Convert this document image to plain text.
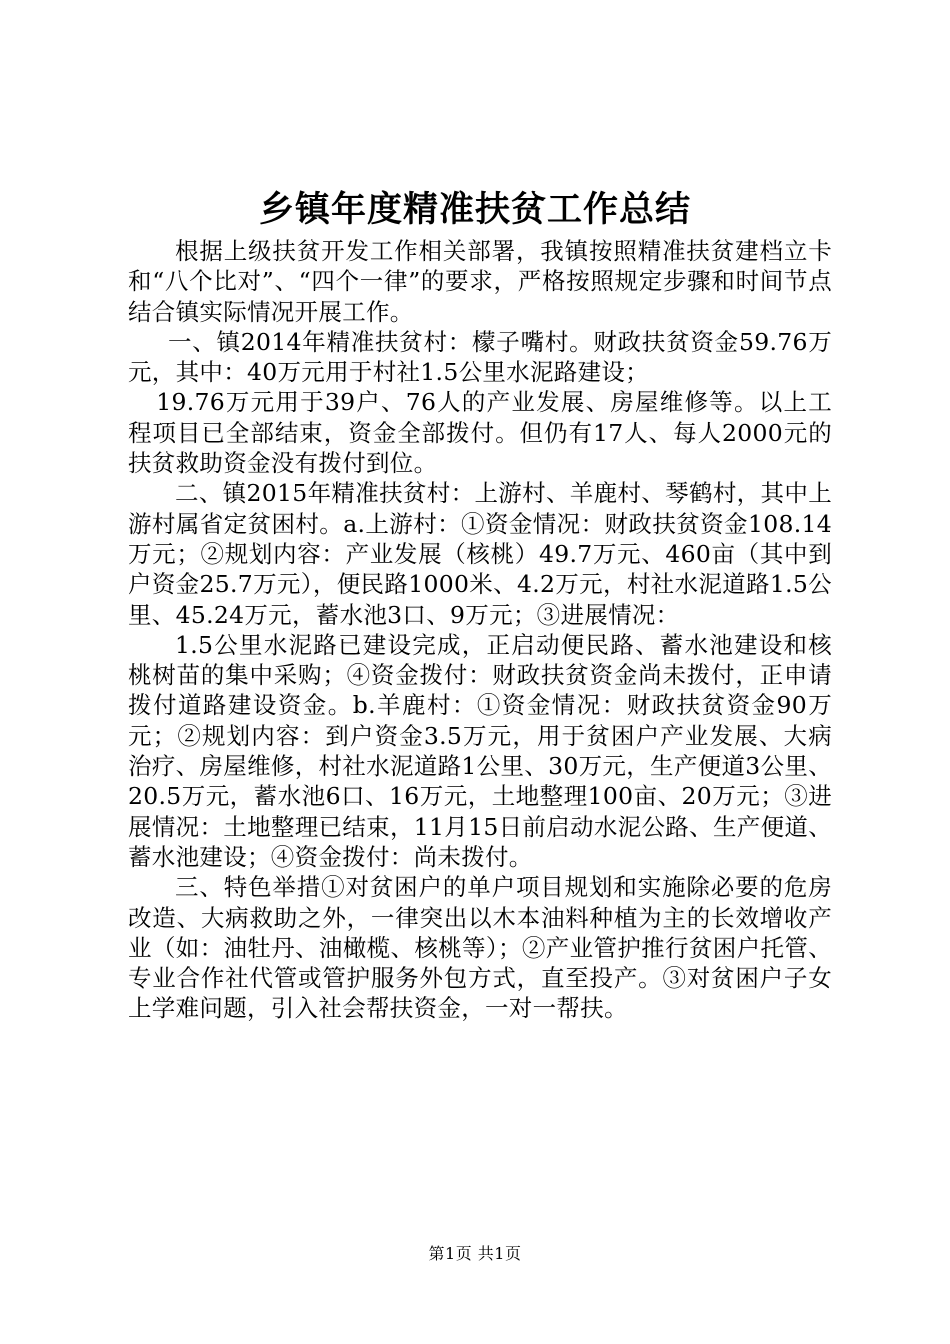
乡镇年度精准扶贫工作总结

根据上级扶贫开发工作相关部署，我镇按照精准扶贫建档立卡和“八个比对”、“四个一律”的要求，严格按照规定步骤和时间节点结合镇实际情况开展工作。

一、镇2014年精准扶贫村：檬子嘴村。财政扶贫资金59.76万元，其中：40万元用于村社1.5公里水泥路建设；

19.76万元用于39户、76人的产业发展、房屋维修等。以上工程项目已全部结束，资金全部拨付。但仍有17人、每人2000元的扶贫救助资金没有拨付到位。

二、镇2015年精准扶贫村：上游村、羊鹿村、琴鹤村，其中上游村属省定贫困村。a.上游村：①资金情况：财政扶贫资金108.14万元；②规划内容：产业发展（核桃）49.7万元、460亩（其中到户资金25.7万元），便民路1000米、4.2万元，村社水泥道路1.5公里、45.24万元，蓄水池3口、9万元；③进展情况：

1.5公里水泥路已建设完成，正启动便民路、蓄水池建设和核桃树苗的集中采购；④资金拨付：财政扶贫资金尚未拨付，正申请拨付道路建设资金。b.羊鹿村：①资金情况：财政扶贫资金90万元；②规划内容：到户资金3.5万元，用于贫困户产业发展、大病治疗、房屋维修，村社水泥道路1公里、30万元，生产便道3公里、20.5万元，蓄水池6口、16万元，土地整理100亩、20万元；③进展情况：土地整理已结束，11月15日前启动水泥公路、生产便道、蓄水池建设；④资金拨付：尚未拨付。

三、特色举措①对贫困户的单户项目规划和实施除必要的危房改造、大病救助之外，一律突出以木本油料种植为主的长效增收产业（如：油牡丹、油橄榄、核桃等）；②产业管护推行贫困户托管、专业合作社代管或管护服务外包方式，直至投产。③对贫困户子女上学难问题，引入社会帮扶资金，一对一帮扶。

第1页 共1页
